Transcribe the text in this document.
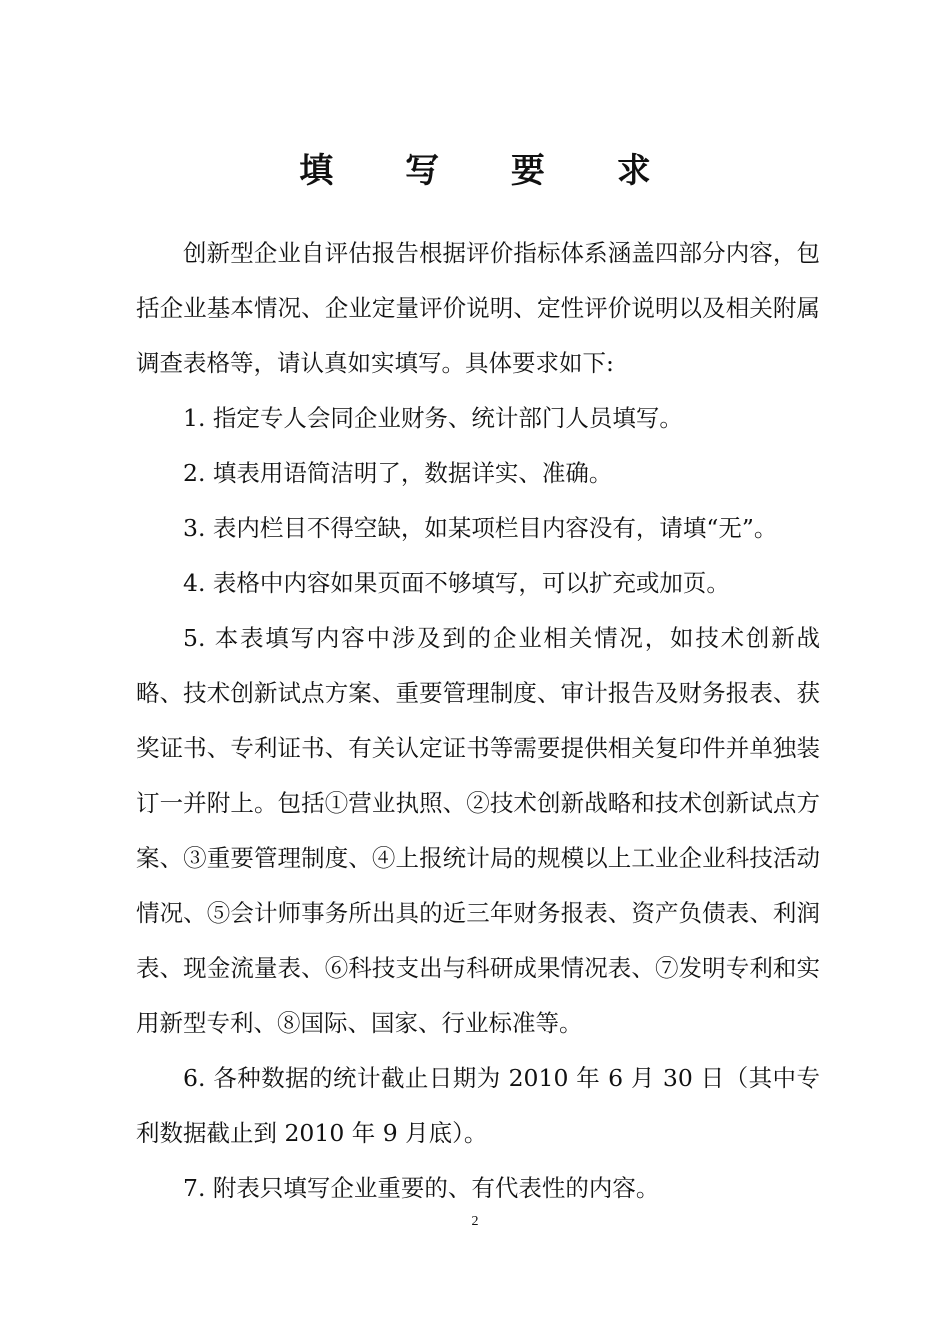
填 写 要 求

创新型企业自评估报告根据评价指标体系涵盖四部分内容，包括企业基本情况、企业定量评价说明、定性评价说明以及相关附属调查表格等，请认真如实填写。具体要求如下:

1. 指定专人会同企业财务、统计部门人员填写。

2. 填表用语简洁明了，数据详实、准确。

3. 表内栏目不得空缺，如某项栏目内容没有，请填“无”。

4. 表格中内容如果页面不够填写，可以扩充或加页。

5. 本表填写内容中涉及到的企业相关情况，如技术创新战略、技术创新试点方案、重要管理制度、审计报告及财务报表、获奖证书、专利证书、有关认定证书等需要提供相关复印件并单独装订一并附上。包括①营业执照、②技术创新战略和技术创新试点方案、③重要管理制度、④上报统计局的规模以上工业企业科技活动情况、⑤会计师事务所出具的近三年财务报表、资产负债表、利润表、现金流量表、⑥科技支出与科研成果情况表、⑦发明专利和实用新型专利、⑧国际、国家、行业标准等。

6. 各种数据的统计截止日期为 2010 年 6 月 30 日（其中专利数据截止到 2010 年 9 月底）。

7. 附表只填写企业重要的、有代表性的内容。

2
